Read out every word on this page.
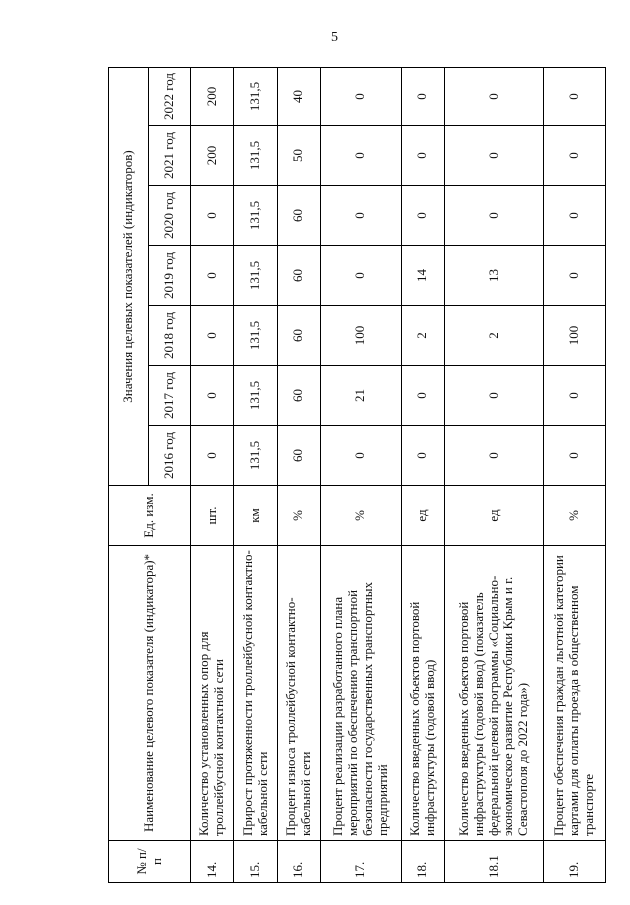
5
№ п/п	Наименование целевого показателя (индикатора)*	Ед. изм.	Значения целевых показателей (индикаторов)						
			2016 год	2017 год	2018 год	2019 год	2020 год	2021 год	2022 год
14.	Количество установленных опор для троллейбусной контактной сети	шт.	0	0	0	0	0	200	200
15.	Прирост протяженности троллейбусной контактно-кабельной сети	км	131,5	131,5	131,5	131,5	131,5	131,5	131,5
16.	Процент износа троллейбусной контактно-кабельной сети	%	60	60	60	60	60	50	40
17.	Процент реализации разработанного плана мероприятий по обеспечению транспортной безопасности государственных транспортных предприятий	%	0	21	100	0	0	0	0
18.	Количество введенных объектов портовой инфраструктуры (годовой ввод)	ед	0	0	2	14	0	0	0
18.1	Количество введенных объектов портовой инфраструктуры (годовой ввод) (показатель федеральной целевой программы «Социально-экономическое развитие Республики Крым и г. Севастополя до 2022 года»)	ед	0	0	2	13	0	0	0
19.	Процент обеспечения граждан льготной категории картами для оплаты проезда в общественном транспорте	%	0	0	100	0	0	0	0
